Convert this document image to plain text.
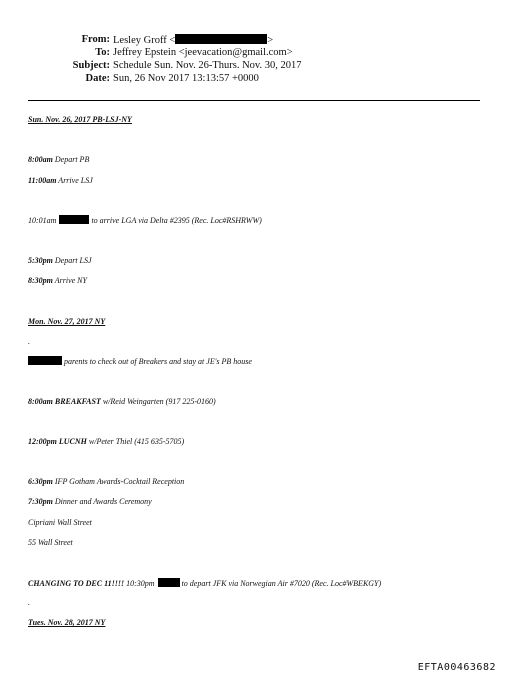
From: Lesley Groff <	>
To: Jeffrey Epstein <jeevacation@gmail.com>
Subject: Schedule Sun. Nov. 26-Thurs. Nov. 30, 2017
Date: Sun, 26 Nov 2017 13:13:57 +0000
Sun. Nov. 26, 2017 PB-LSJ-NY
8:00am Depart PB
11:00am Arrive LSJ
10:01am	to arrive LGA via Delta #2395 (Rec. Loc#RSHRWW)
5:30pm Depart LSJ
8:30pm Arrive NY
Mon. Nov. 27, 2017 NY
.
parents to check out of Breakers and stay at JE's PB house
8:00am BREAKFAST w/Reid Weingarten (917 225-0160)
12:00pm LUCNH w/Peter Thiel (415 635-5705)
6:30pm IFP Gotham Awards-Cocktail Reception
7:30pm Dinner and Awards Ceremony
Cipriani Wall Street
55 Wall Street
CHANGING TO DEC 11!!!! 10:30pm	to depart JFK via Norwegian Air #7020 (Rec. Loc#WBEKGY)
.
Tues. Nov. 28, 2017 NY
EFTA00463682
